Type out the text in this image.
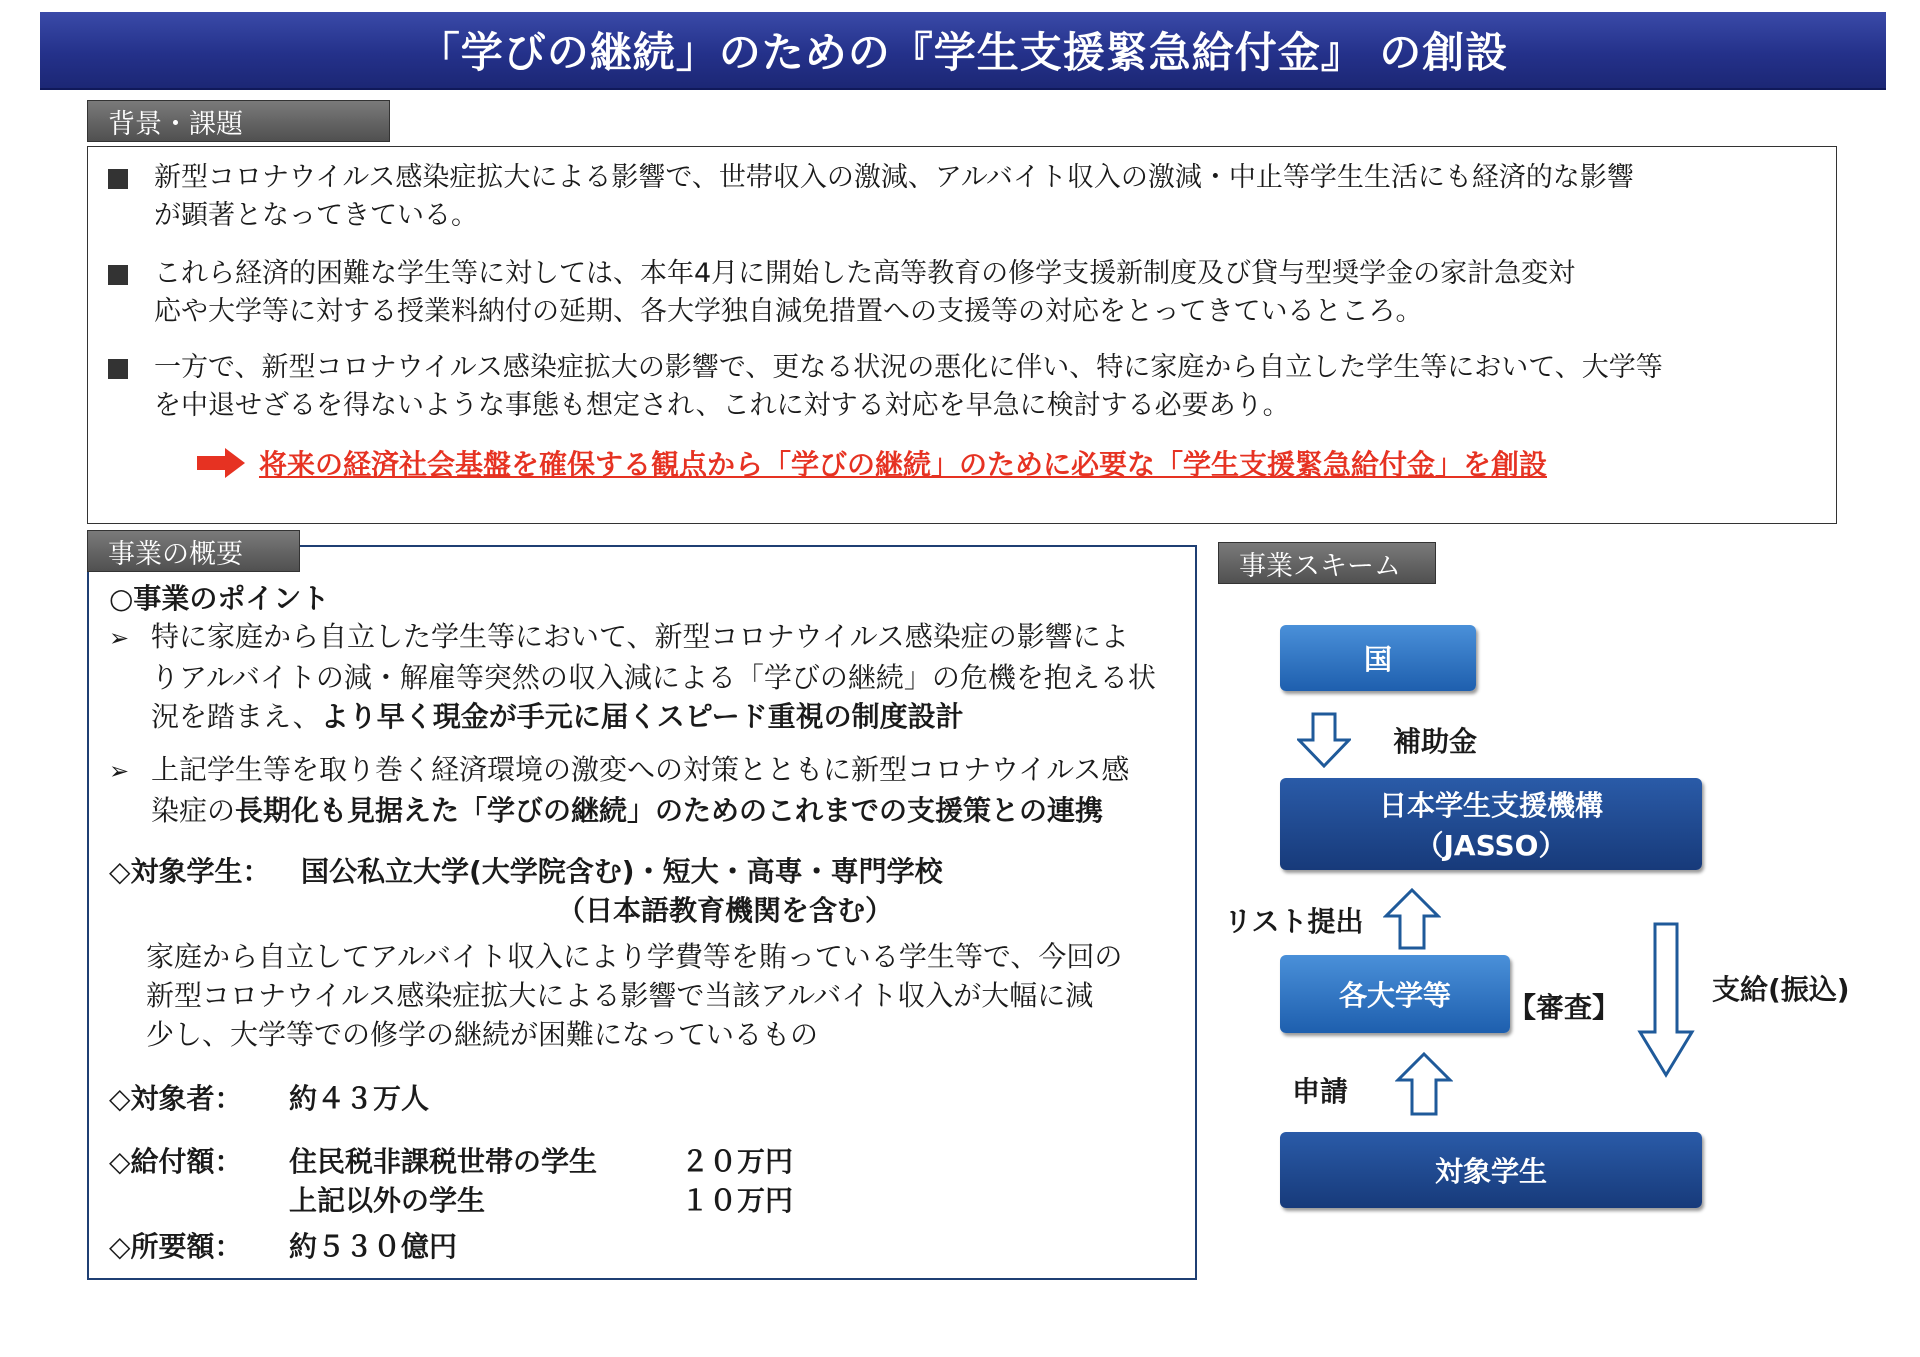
「学びの継続」のための『学生支援緊急給付金』 の創設
背景・課題
新型コロナウイルス感染症拡大による影響で、世帯収入の激減、アルバイト収入の激減・中止等学生生活にも経済的な影響
が顕著となってきている。
これら経済的困難な学生等に対しては、本年4月に開始した高等教育の修学支援新制度及び貸与型奨学金の家計急変対
応や大学等に対する授業料納付の延期、各大学独自減免措置への支援等の対応をとってきているところ。
一方で、新型コロナウイルス感染症拡大の影響で、更なる状況の悪化に伴い、特に家庭から自立した学生等において、大学等
を中退せざるを得ないような事態も想定され、これに対する対応を早急に検討する必要あり。
将来の経済社会基盤を確保する観点から「学びの継続」のために必要な「学生支援緊急給付金」を創設
○事業のポイント
➢ 特に家庭から自立した学生等において、新型コロナウイルス感染症の影響によ
りアルバイトの減・解雇等突然の収入減による「学びの継続」の危機を抱える状
況を踏まえ、より早く現金が手元に届くスピード重視の制度設計
➢ 上記学生等を取り巻く経済環境の激変への対策とともに新型コロナウイルス感
染症の長期化も見据えた「学びの継続」のためのこれまでの支援策との連携
◇対象学生： 国公私立大学(大学院含む)・短大・高専・専門学校
（日本語教育機関を含む）
家庭から自立してアルバイト収入により学費等を賄っている学生等で、今回の
新型コロナウイルス感染症拡大による影響で当該アルバイト収入が大幅に減
少し、大学等での修学の継続が困難になっているもの
◇対象者： 約４３万人
◇給付額： 住民税非課税世帯の学生	２０万円
上記以外の学生	１０万円
◇所要額： 約５３０億円
事業の概要	事業スキーム
国
補助金
日本学生支援機構
（JASSO）
リスト提出
支給(振込)
各大学等 【審査】
申請
対象学生
